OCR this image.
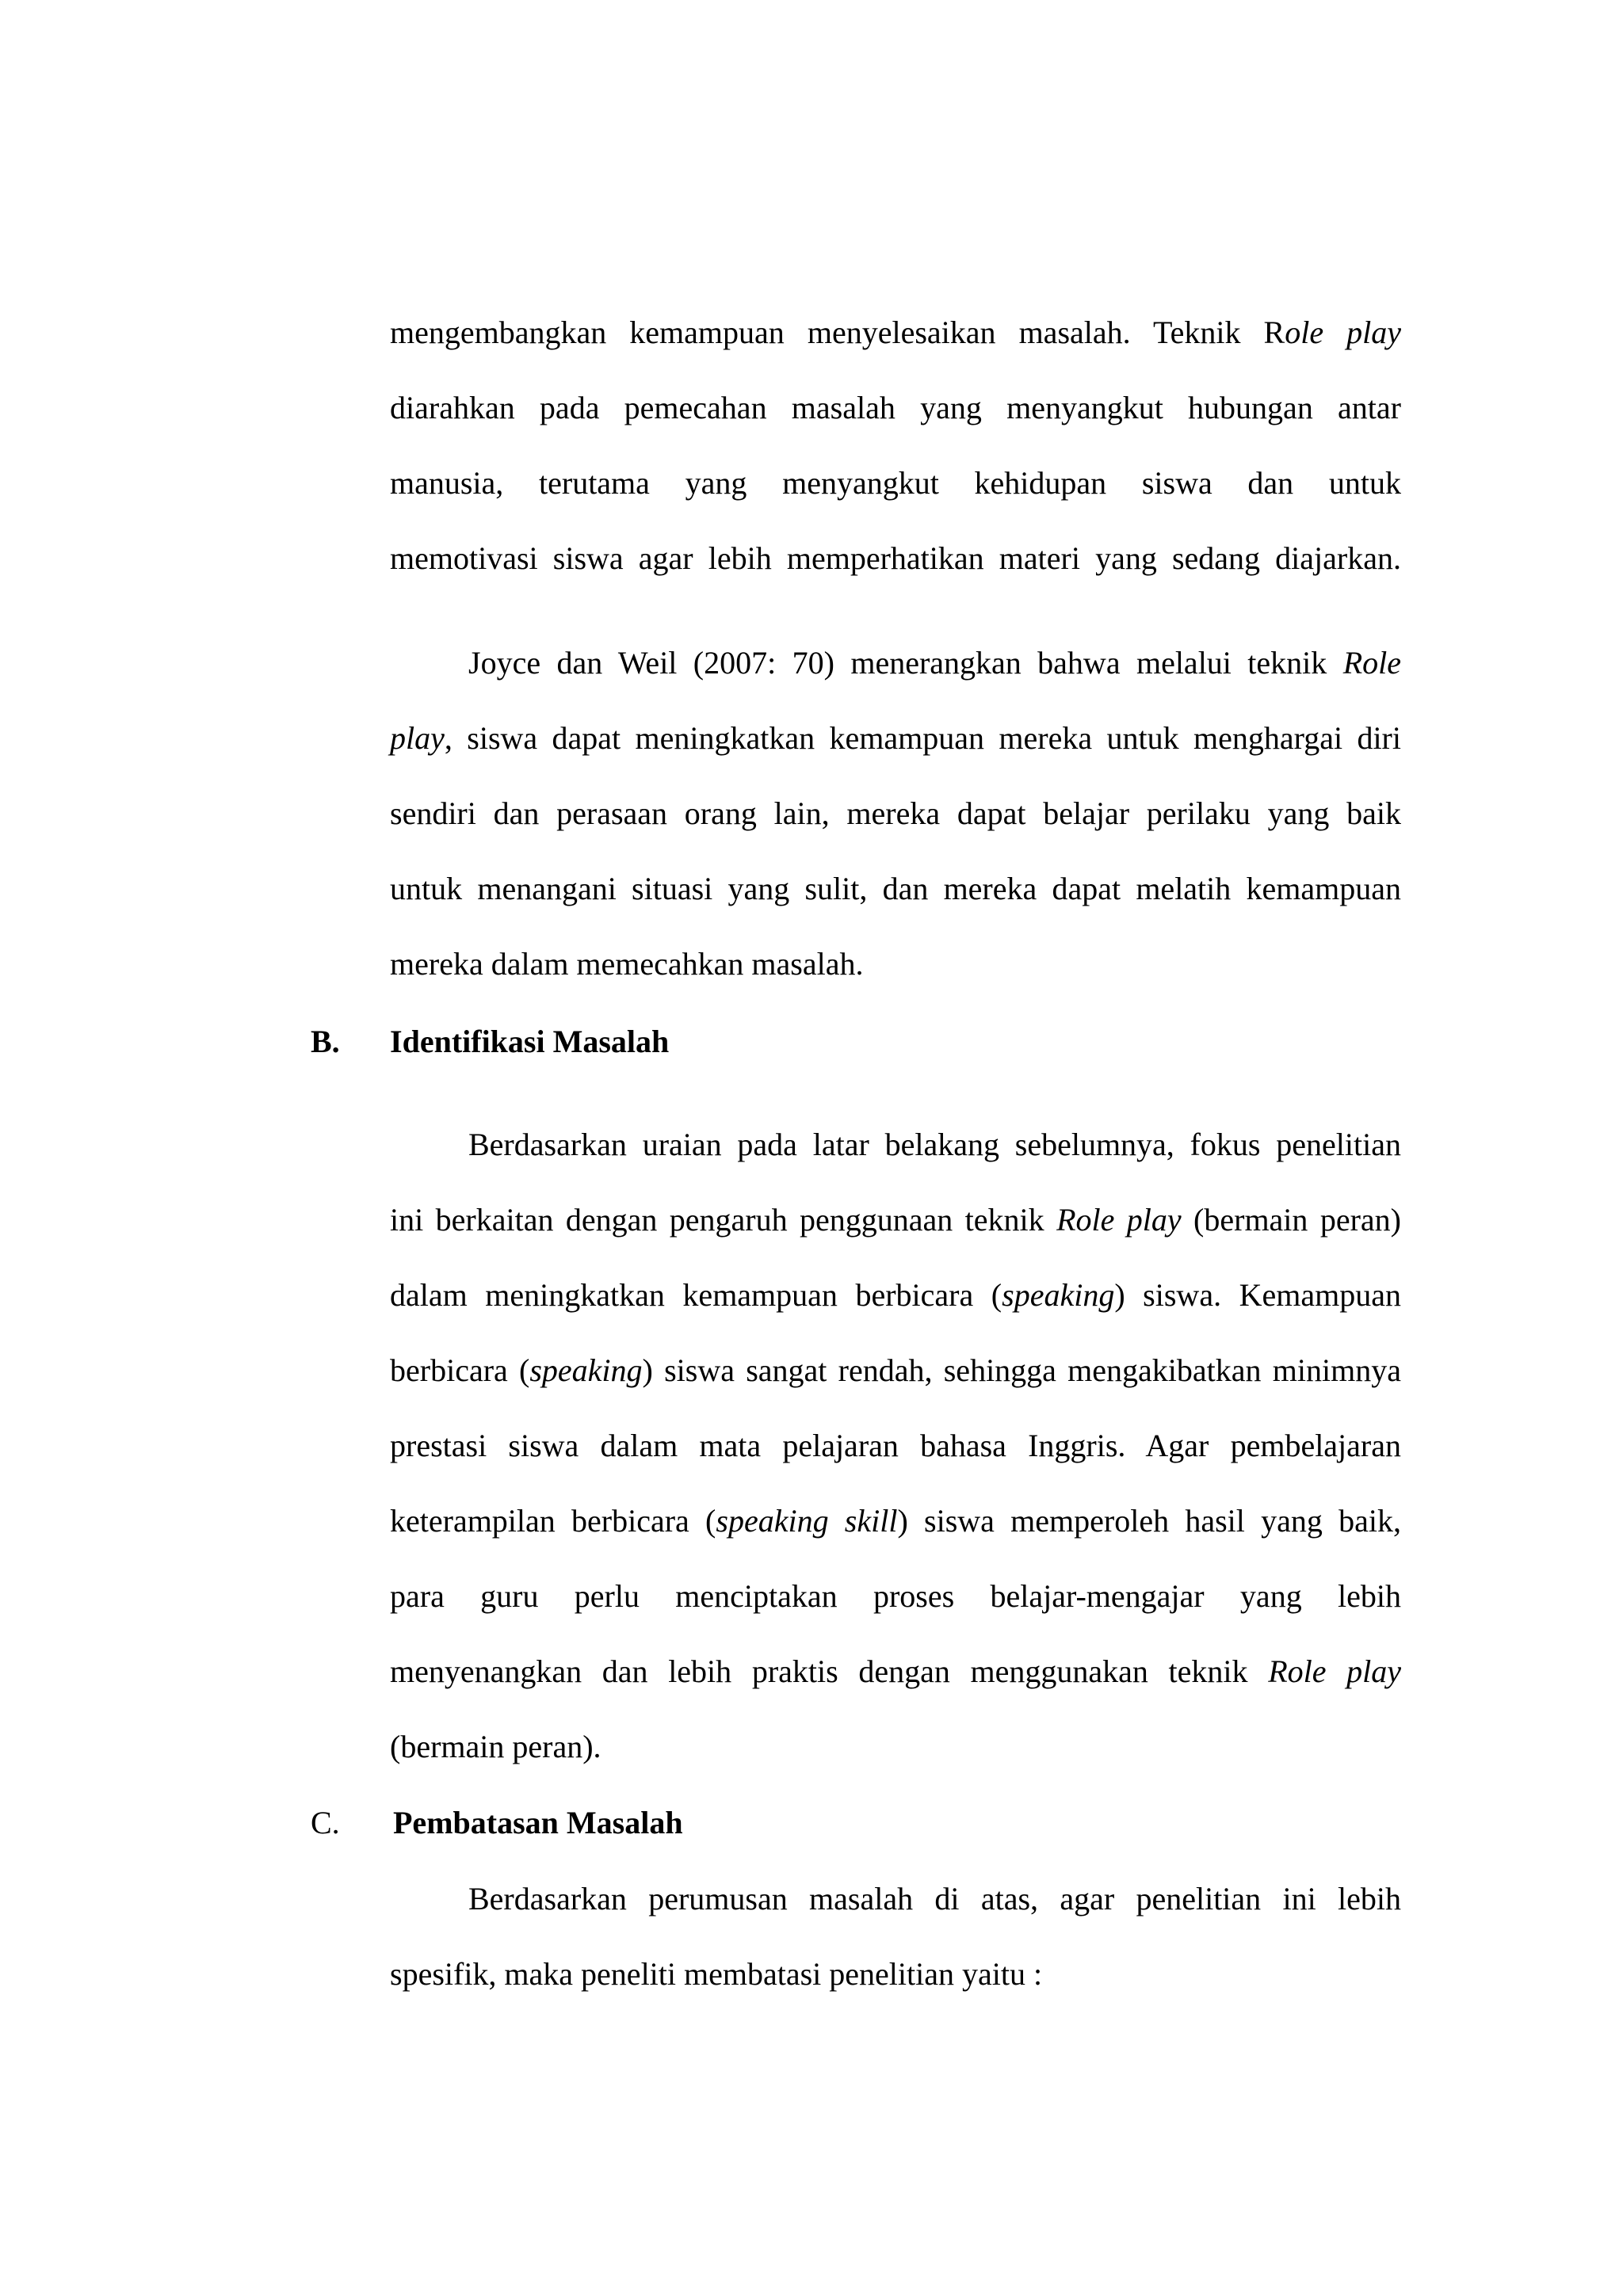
mengembangkan kemampuan menyelesaikan masalah. Teknik Role play
diarahkan pada pemecahan masalah yang menyangkut hubungan antar
manusia, terutama yang menyangkut kehidupan siswa dan untuk
memotivasi siswa agar lebih memperhatikan materi yang sedang diajarkan.
Joyce dan Weil (2007: 70) menerangkan bahwa melalui teknik Role
play, siswa dapat meningkatkan kemampuan mereka untuk menghargai diri
sendiri dan perasaan orang lain, mereka dapat belajar perilaku yang baik
untuk menangani situasi yang sulit, dan mereka dapat melatih kemampuan
mereka dalam memecahkan masalah.
B. Identifikasi Masalah
Berdasarkan uraian pada latar belakang sebelumnya, fokus penelitian
ini berkaitan dengan pengaruh penggunaan teknik Role play (bermain peran)
dalam meningkatkan kemampuan berbicara (speaking) siswa. Kemampuan
berbicara (speaking) siswa sangat rendah, sehingga mengakibatkan minimnya
prestasi siswa dalam mata pelajaran bahasa Inggris. Agar pembelajaran
keterampilan berbicara (speaking skill) siswa memperoleh hasil yang baik,
para guru perlu menciptakan proses belajar-mengajar yang lebih
menyenangkan dan lebih praktis dengan menggunakan teknik Role play
(bermain peran).
C. Pembatasan Masalah
Berdasarkan perumusan masalah di atas, agar penelitian ini lebih
spesifik, maka peneliti membatasi penelitian yaitu :
